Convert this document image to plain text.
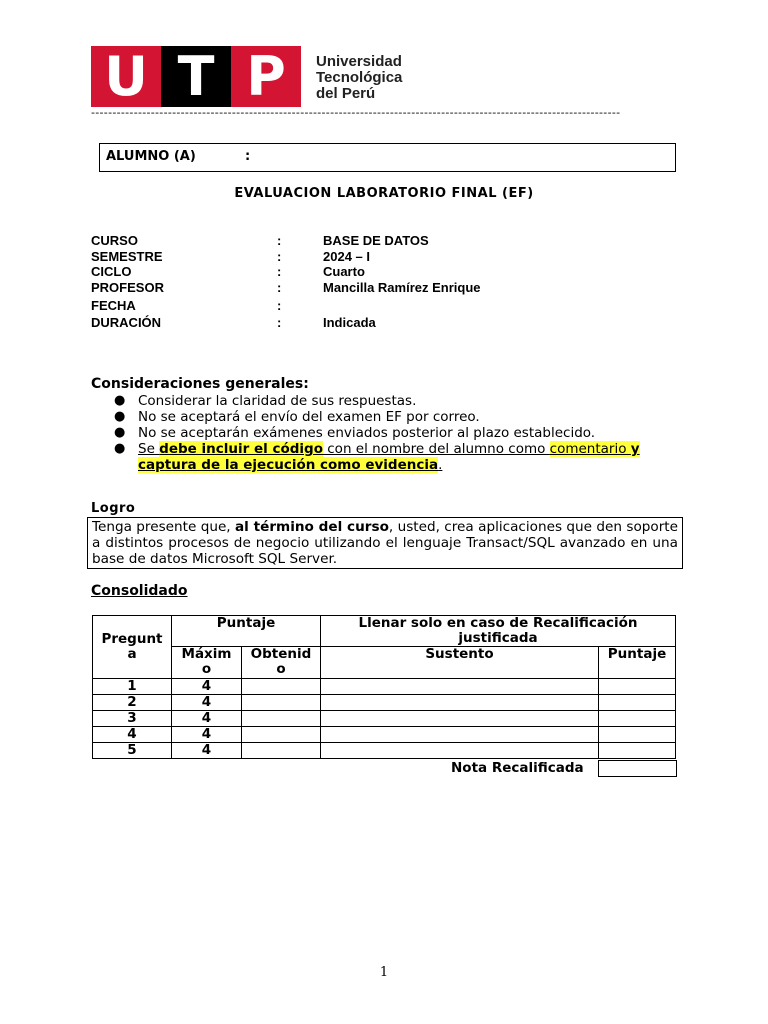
U T P	Universidad
Tecnológica
del Perú
----------------------------------------------------------------------------------------------------------------------------
ALUMNO (A)	:
EVALUACION LABORATORIO FINAL (EF)
CURSO	:	BASE DE DATOS
SEMESTRE	:	2024 – I
CICLO	:	Cuarto
PROFESOR	:	Mancilla Ramírez Enrique
FECHA	:
DURACIÓN	:	Indicada
Consideraciones generales:
● Considerar la claridad de sus respuestas.
● No se aceptará el envío del examen EF por correo.
● No se aceptarán exámenes enviados posterior al plazo establecido.
● Se debe incluir el código con el nombre del alumno como comentario y
captura de la ejecución como evidencia.
Logro
Tenga presente que, al término del curso, usted, crea aplicaciones que den soporte a distintos procesos de negocio utilizando el lenguaje Transact/SQL avanzado en una base de datos Microsoft SQL Server.
Consolidado
Pregunt a	Puntaje		Llenar solo en caso de Recalificación justificada	
	Máxim o	Obtenid o	Sustento	Puntaje
1	4			
2	4			
3	4			
4	4			
5	4			
Nota Recalificada
1
